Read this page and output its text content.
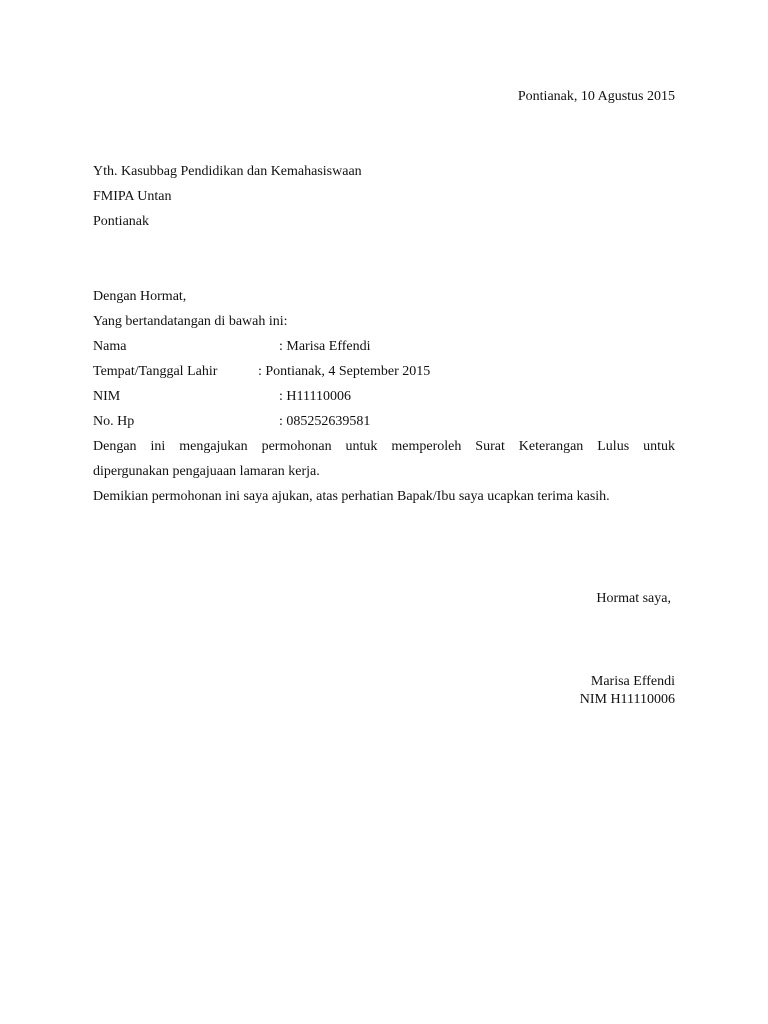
Pontianak, 10 Agustus 2015
Yth. Kasubbag Pendidikan dan Kemahasiswaan
FMIPA Untan
Pontianak
Dengan Hormat,
Yang bertandatangan di bawah ini:
Nama	: Marisa Effendi
Tempat/Tanggal Lahir	: Pontianak, 4 September 2015
NIM	: H11110006
No. Hp	: 085252639581
Dengan ini mengajukan permohonan untuk memperoleh Surat Keterangan Lulus untuk
dipergunakan pengajuaan lamaran kerja.
Demikian permohonan ini saya ajukan, atas perhatian Bapak/Ibu saya ucapkan terima kasih.
Hormat saya,
Marisa Effendi
NIM H11110006
